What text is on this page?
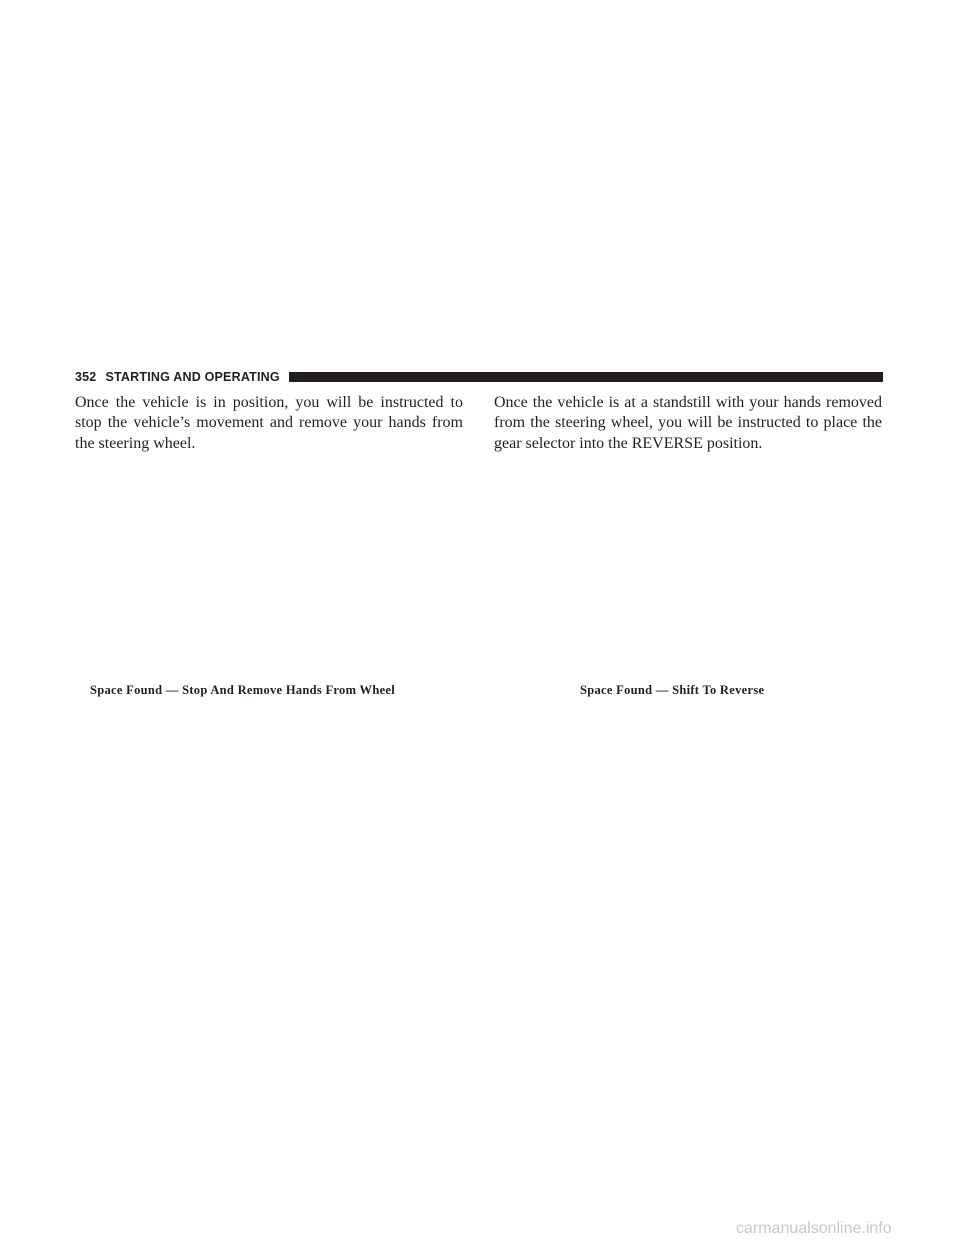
352 STARTING AND OPERATING

Once the vehicle is in position, you will be instructed to stop the vehicle’s movement and remove your hands from the steering wheel.

Once the vehicle is at a standstill with your hands removed from the steering wheel, you will be instructed to place the gear selector into the REVERSE position.

Space Found — Stop And Remove Hands From Wheel	Space Found — Shift To Reverse
carmanualsonline.info
